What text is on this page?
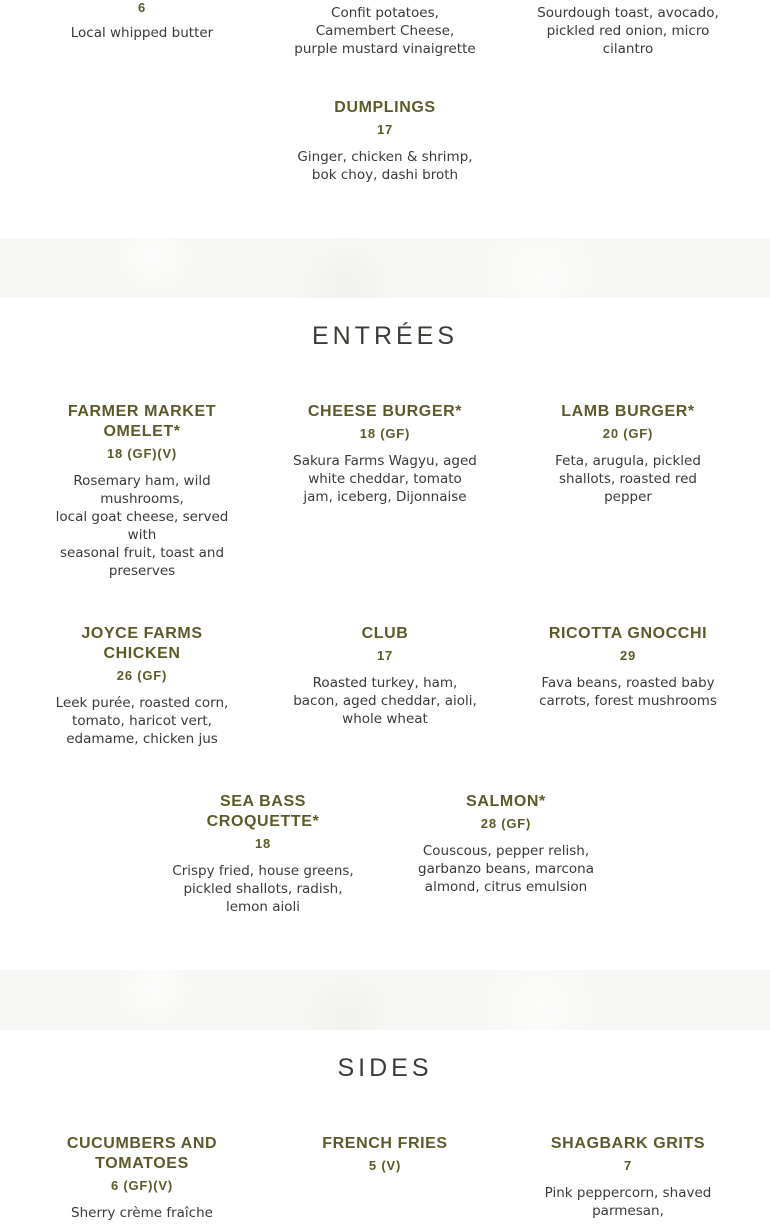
6
Local whipped butter
Confit potatoes,
Camembert Cheese,
purple mustard vinaigrette
Sourdough toast, avocado,
pickled red onion, micro
cilantro
DUMPLINGS
17
Ginger, chicken & shrimp,
bok choy, dashi broth
ENTRÉES
FARMER MARKET
OMELET*
18 (GF)(V)
Rosemary ham, wild
mushrooms,
local goat cheese, served
with
seasonal fruit, toast and
preserves
CHEESE BURGER*
18 (GF)
Sakura Farms Wagyu, aged
white cheddar, tomato
jam, iceberg, Dijonnaise
LAMB BURGER*
20 (GF)
Feta, arugula, pickled
shallots, roasted red
pepper
JOYCE FARMS
CHICKEN
26 (GF)
Leek purée, roasted corn,
tomato, haricot vert,
edamame, chicken jus
CLUB
17
Roasted turkey, ham,
bacon, aged cheddar, aioli,
whole wheat
RICOTTA GNOCCHI
29
Fava beans, roasted baby
carrots, forest mushrooms
SEA BASS
CROQUETTE*
18
Crispy fried, house greens,
pickled shallots, radish,
lemon aioli
SALMON*
28 (GF)
Couscous, pepper relish,
garbanzo beans, marcona
almond, citrus emulsion
SIDES
CUCUMBERS AND
TOMATOES
6 (GF)(V)
Sherry crème fraîche
FRENCH FRIES
5 (V)
SHAGBARK GRITS
7
Pink peppercorn, shaved
parmesan,
